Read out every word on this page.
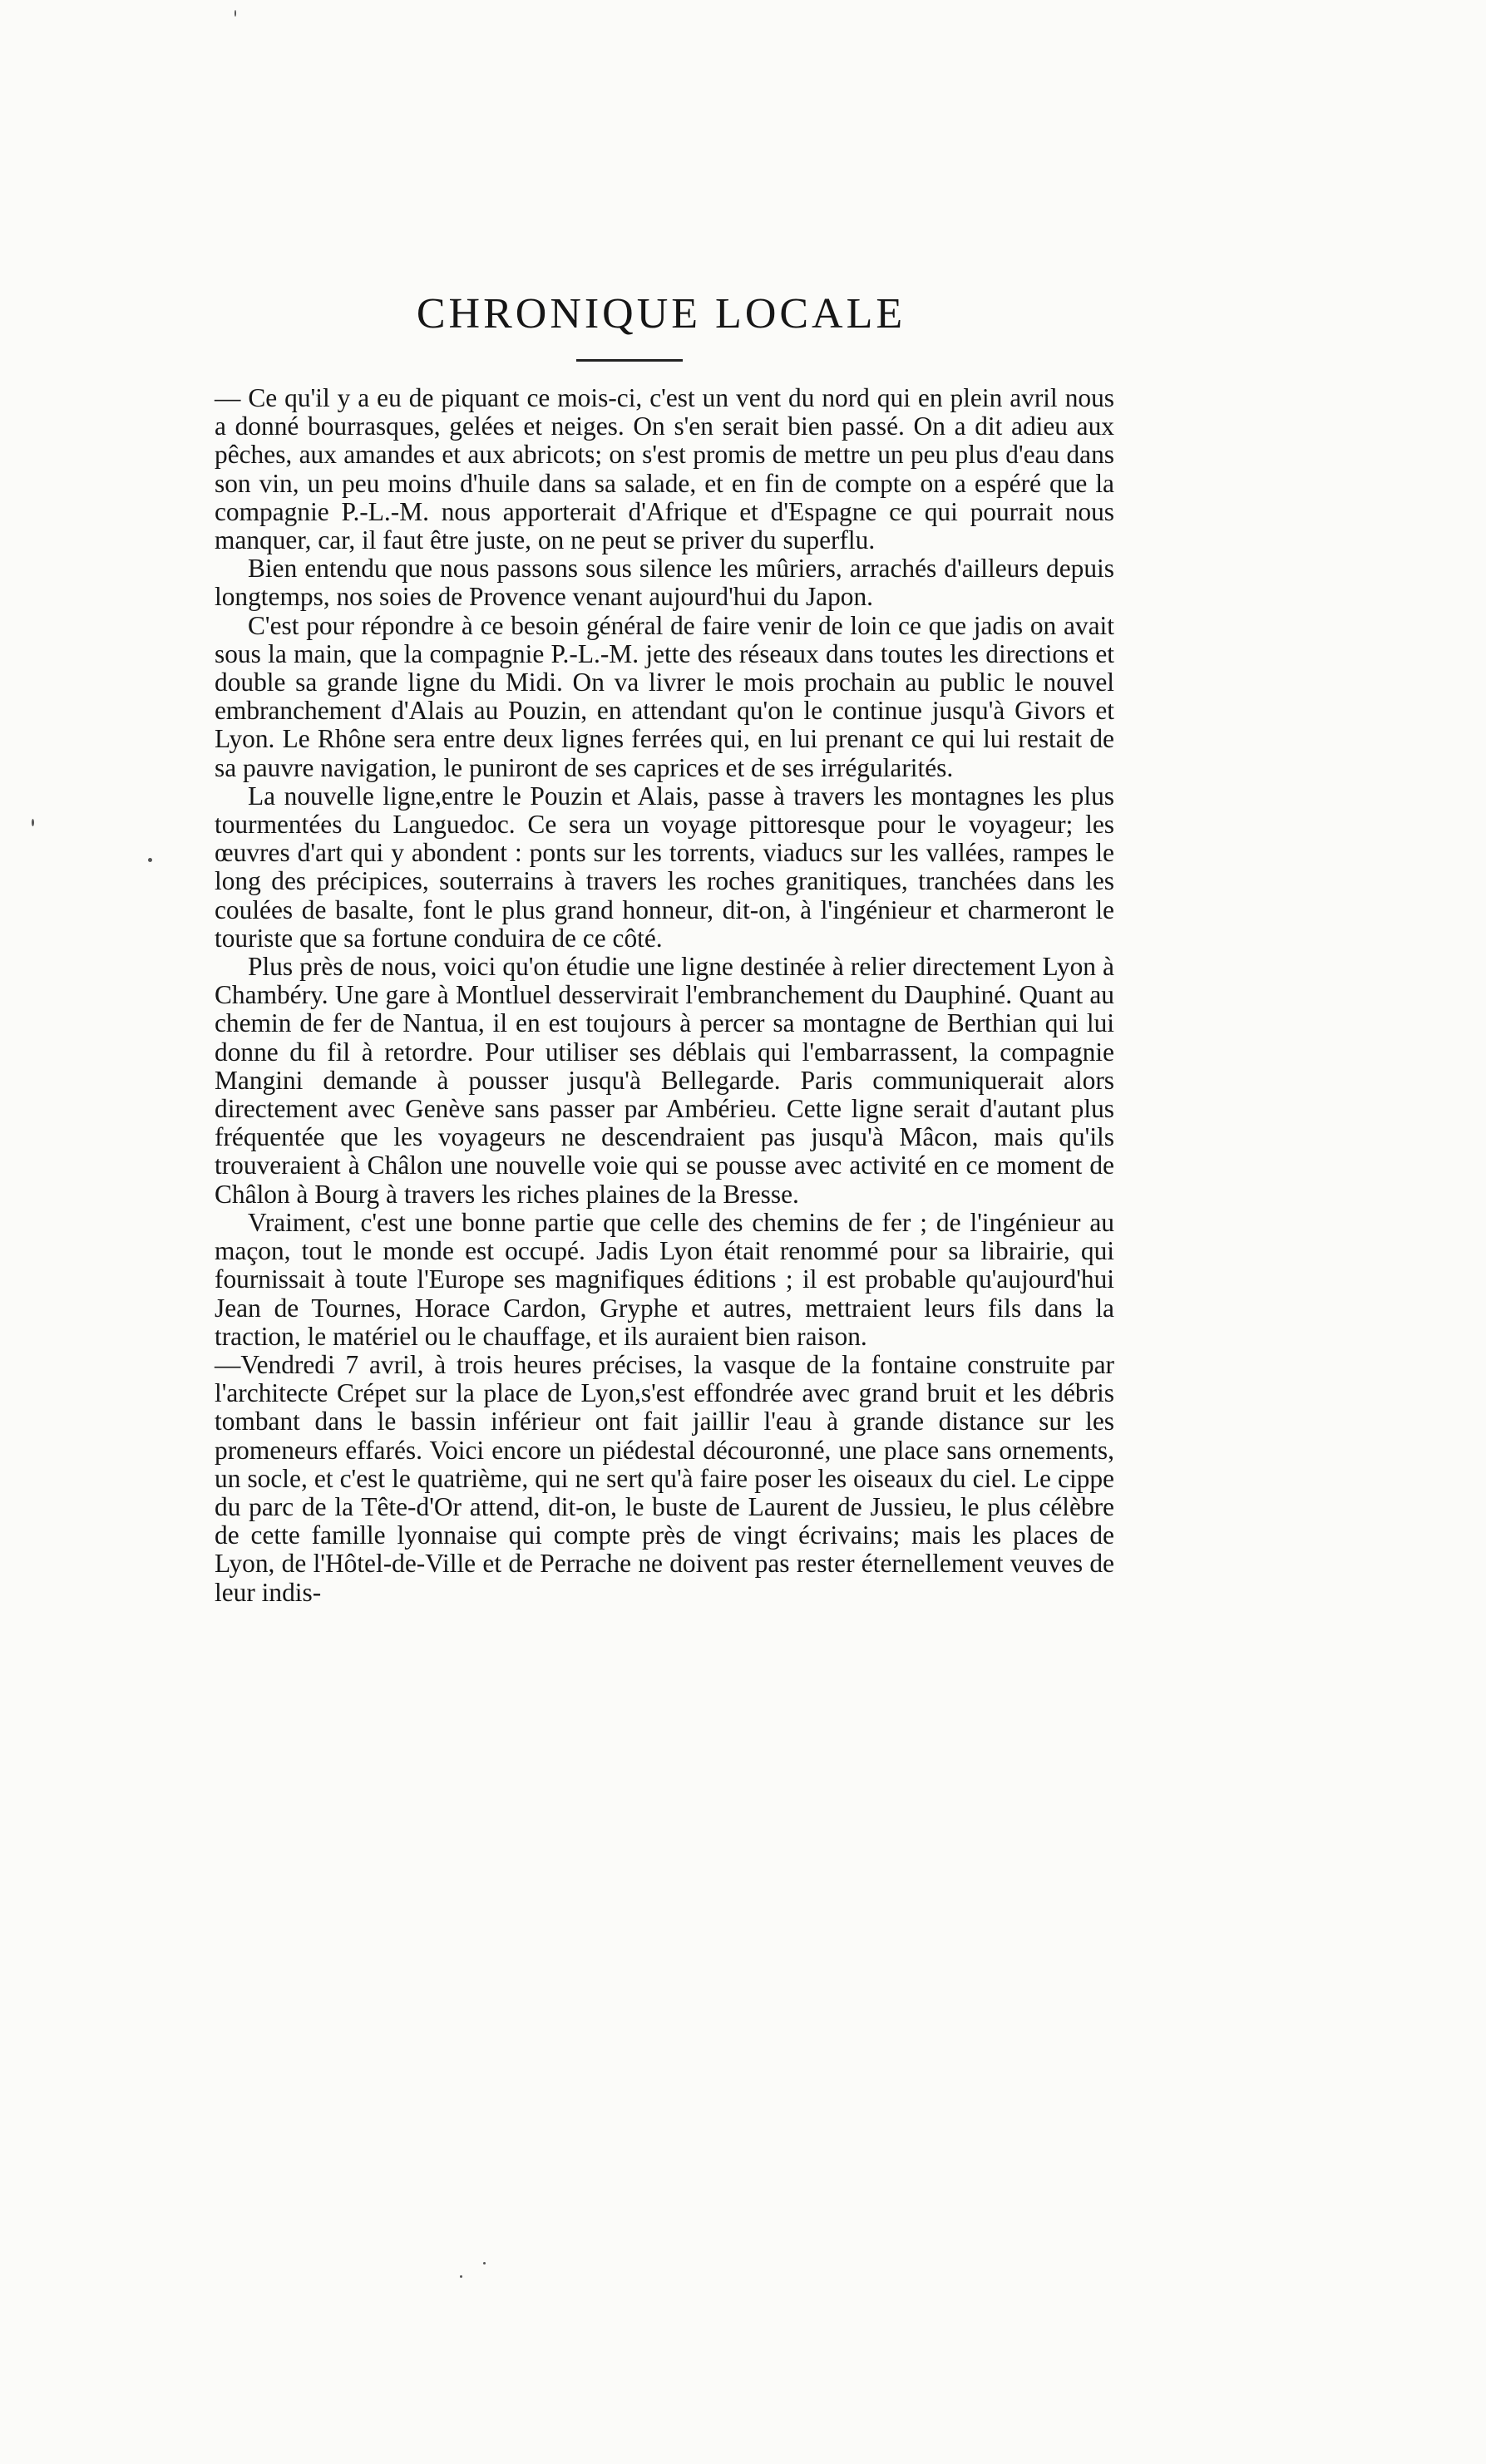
CHRONIQUE LOCALE

— Ce qu'il y a eu de piquant ce mois-ci, c'est un vent du nord qui en plein avril nous a donné bourrasques, gelées et neiges. On s'en serait bien passé. On a dit adieu aux pêches, aux amandes et aux abricots; on s'est promis de mettre un peu plus d'eau dans son vin, un peu moins d'huile dans sa salade, et en fin de compte on a espéré que la compagnie P.-L.-M. nous apporterait d'Afrique et d'Espagne ce qui pourrait nous manquer, car, il faut être juste, on ne peut se priver du superflu.

Bien entendu que nous passons sous silence les mûriers, arrachés d'ailleurs depuis longtemps, nos soies de Provence venant aujourd'hui du Japon.

C'est pour répondre à ce besoin général de faire venir de loin ce que jadis on avait sous la main, que la compagnie P.-L.-M. jette des réseaux dans toutes les directions et double sa grande ligne du Midi. On va livrer le mois prochain au public le nouvel embranchement d'Alais au Pouzin, en attendant qu'on le continue jusqu'à Givors et Lyon. Le Rhône sera entre deux lignes ferrées qui, en lui prenant ce qui lui restait de sa pauvre navigation, le puniront de ses caprices et de ses irrégularités.

La nouvelle ligne,entre le Pouzin et Alais, passe à travers les montagnes les plus tourmentées du Languedoc. Ce sera un voyage pittoresque pour le voyageur; les œuvres d'art qui y abondent : ponts sur les torrents, viaducs sur les vallées, rampes le long des précipices, souterrains à travers les roches granitiques, tranchées dans les coulées de basalte, font le plus grand honneur, dit-on, à l'ingénieur et charmeront le touriste que sa fortune conduira de ce côté.

Plus près de nous, voici qu'on étudie une ligne destinée à relier directement Lyon à Chambéry. Une gare à Montluel desservirait l'embranchement du Dauphiné. Quant au chemin de fer de Nantua, il en est toujours à percer sa montagne de Berthian qui lui donne du fil à retordre. Pour utiliser ses déblais qui l'embarrassent, la compagnie Mangini demande à pousser jusqu'à Bellegarde. Paris communiquerait alors directement avec Genève sans passer par Ambérieu. Cette ligne serait d'autant plus fréquentée que les voyageurs ne descendraient pas jusqu'à Mâcon, mais qu'ils trouveraient à Châlon une nouvelle voie qui se pousse avec activité en ce moment de Châlon à Bourg à travers les riches plaines de la Bresse.

Vraiment, c'est une bonne partie que celle des chemins de fer ; de l'ingénieur au maçon, tout le monde est occupé. Jadis Lyon était renommé pour sa librairie, qui fournissait à toute l'Europe ses magnifiques éditions ; il est probable qu'aujourd'hui Jean de Tournes, Horace Cardon, Gryphe et autres, mettraient leurs fils dans la traction, le matériel ou le chauffage, et ils auraient bien raison.

—Vendredi 7 avril, à trois heures précises, la vasque de la fontaine construite par l'architecte Crépet sur la place de Lyon,s'est effondrée avec grand bruit et les débris tombant dans le bassin inférieur ont fait jaillir l'eau à grande distance sur les promeneurs effarés. Voici encore un piédestal découronné, une place sans ornements, un socle, et c'est le quatrième, qui ne sert qu'à faire poser les oiseaux du ciel. Le cippe du parc de la Tête-d'Or attend, dit-on, le buste de Laurent de Jussieu, le plus célèbre de cette famille lyonnaise qui compte près de vingt écrivains; mais les places de Lyon, de l'Hôtel-de-Ville et de Perrache ne doivent pas rester éternellement veuves de leur indis-
